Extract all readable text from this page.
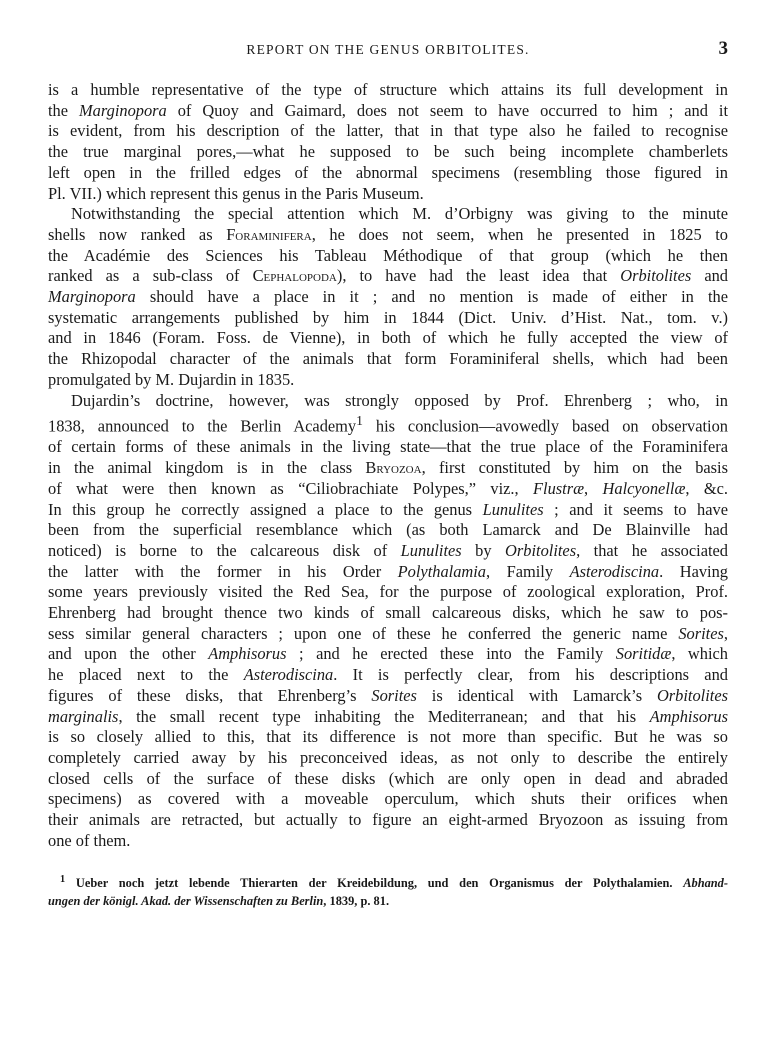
REPORT ON THE GENUS ORBITOLITES.	3

is a humble representative of the type of structure which attains its full development in
the Marginopora of Quoy and Gaimard, does not seem to have occurred to him ; and it
is evident, from his description of the latter, that in that type also he failed to recognise
the true marginal pores,—what he supposed to be such being incomplete chamberlets
left open in the frilled edges of the abnormal specimens (resembling those figured in
Pl. VII.) which represent this genus in the Paris Museum.

Notwithstanding the special attention which M. d’Orbigny was giving to the minute
shells now ranked as Foraminifera, he does not seem, when he presented in 1825 to
the Académie des Sciences his Tableau Méthodique of that group (which he then
ranked as a sub-class of Cephalopoda), to have had the least idea that Orbitolites and
Marginopora should have a place in it ; and no mention is made of either in the
systematic arrangements published by him in 1844 (Dict. Univ. d’Hist. Nat., tom. v.)
and in 1846 (Foram. Foss. de Vienne), in both of which he fully accepted the view of
the Rhizopodal character of the animals that form Foraminiferal shells, which had been
promulgated by M. Dujardin in 1835.

Dujardin’s doctrine, however, was strongly opposed by Prof. Ehrenberg ; who, in
1838, announced to the Berlin Academy$^1$ his conclusion—avowedly based on observation
of certain forms of these animals in the living state—that the true place of the Foraminifera
in the animal kingdom is in the class Bryozoa, first constituted by him on the basis
of what were then known as “Ciliobrachiate Polypes,” viz., Flustræ, Halcyonellæ, &c.
In this group he correctly assigned a place to the genus Lunulites ; and it seems to have
been from the superficial resemblance which (as both Lamarck and De Blainville had
noticed) is borne to the calcareous disk of Lunulites by Orbitolites, that he associated
the latter with the former in his Order Polythalamia, Family Asterodiscina. Having
some years previously visited the Red Sea, for the purpose of zoological exploration, Prof.
Ehrenberg had brought thence two kinds of small calcareous disks, which he saw to pos-
sess similar general characters ; upon one of these he conferred the generic name Sorites,
and upon the other Amphisorus ; and he erected these into the Family Soritidæ, which
he placed next to the Asterodiscina. It is perfectly clear, from his descriptions and
figures of these disks, that Ehrenberg’s Sorites is identical with Lamarck’s Orbitolites
marginalis, the small recent type inhabiting the Mediterranean; and that his Amphisorus
is so closely allied to this, that its difference is not more than specific. But he was so
completely carried away by his preconceived ideas, as not only to describe the entirely
closed cells of the surface of these disks (which are only open in dead and abraded
specimens) as covered with a moveable operculum, which shuts their orifices when
their animals are retracted, but actually to figure an eight-armed Bryozoon as issuing from
one of them.

$^1$ Ueber noch jetzt lebende Thierarten der Kreidebildung, und den Organismus der Polythalamien. Abhand-
ungen der königl. Akad. der Wissenschaften zu Berlin, 1839, p. 81.
